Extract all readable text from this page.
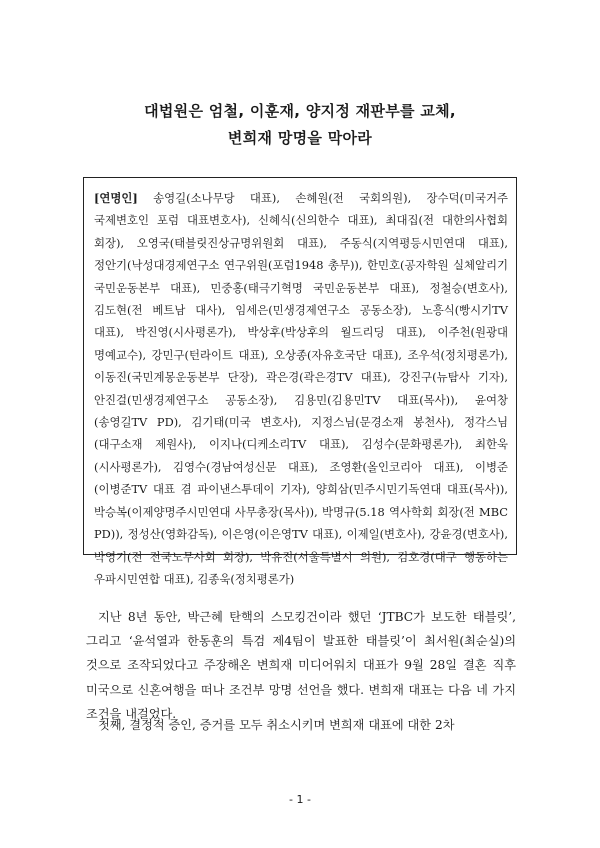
대법원은 엄철, 이훈재, 양지정 재판부를 교체,
변희재 망명을 막아라
[연명인] 송영길(소나무당 대표), 손혜원(전 국회의원), 장수덕(미국거주 국제변호인 포럼 대표변호사), 신혜식(신의한수 대표), 최대집(전 대한의사협회 회장), 오영국(태블릿진상규명위원회 대표), 주동식(지역평등시민연대 대표), 정안기(낙성대경제연구소 연구위원(포럼1948 총무)), 한민호(공자학원 실체알리기 국민운동본부 대표), 민중홍(태극기혁명 국민운동본부 대표), 정철승(변호사), 김도현(전 베트남 대사), 임세은(민생경제연구소 공동소장), 노흥식(빵시기TV 대표), 박진영(시사평론가), 박상후(박상후의 월드리딩 대표), 이주천(원광대 명예교수), 강민구(턴라이트 대표), 오상종(자유호국단 대표), 조우석(정치평론가), 이동진(국민계몽운동본부 단장), 곽은경(곽은경TV 대표), 강진구(뉴탐사 기자), 안진걸(민생경제연구소 공동소장), 김용민(김용민TV 대표(목사)), 윤여창(송영길TV PD), 김기태(미국 변호사), 지정스님(문경소재 봉천사), 정각스님(대구소재 제원사), 이지나(디케소리TV 대표), 김성수(문화평론가), 최한욱(시사평론가), 김영수(경남여성신문 대표), 조영환(올인코리아 대표), 이병준(이병준TV 대표 겸 파이낸스투데이 기자), 양희삼(민주시민기독연대 대표(목사)), 박승복(이제양명주시민연대 사무총장(목사)), 박명규(5.18 역사학회 회장(전 MBC PD)), 정성산(영화감독), 이은영(이은영TV 대표), 이제일(변호사), 강윤경(변호사), 박영기(전 전국노무사회 회장), 박유진(서울특별시 의원), 김호경(대구 행동하는 우파시민연합 대표), 김종욱(정치평론가)

지난 8년 동안, 박근혜 탄핵의 스모킹건이라 했던 ‘JTBC가 보도한 태블릿’, 그리고 ‘윤석열과 한동훈의 특검 제4팀이 발표한 태블릿’이 최서원(최순실)의 것으로 조작되었다고 주장해온 변희재 미디어워치 대표가 9월 28일 결혼 직후 미국으로 신혼여행을 떠나 조건부 망명 선언을 했다. 변희재 대표는 다음 네 가지 조건을 내걸었다.

첫째, 결정적 증인, 증거를 모두 취소시키며 변희재 대표에 대한 2차

- 1 -
